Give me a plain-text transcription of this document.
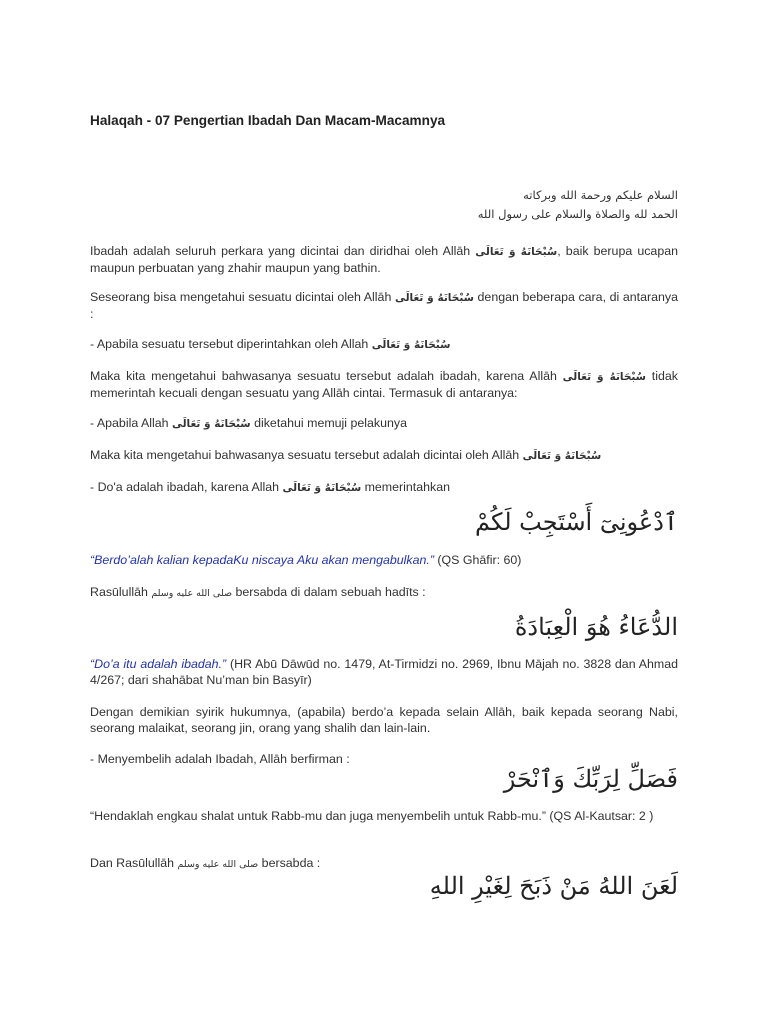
Halaqah - 07 Pengertian Ibadah Dan Macam-Macamnya
السلام عليكم ورحمة الله وبركاته
الحمد لله والصلاة والسلام على رسول الله

Ibadah adalah seluruh perkara yang dicintai dan diridhai oleh Allāh سُبْحَانَهُ وَ تَعَالَى, baik berupa ucapan maupun perbuatan yang zhahir maupun yang bathin.

Seseorang bisa mengetahui sesuatu dicintai oleh Allāh سُبْحَانَهُ وَ تَعَالَى dengan beberapa cara, di antaranya :

- Apabila sesuatu tersebut diperintahkan oleh Allah سُبْحَانَهُ وَ تَعَالَى

Maka kita mengetahui bahwasanya sesuatu tersebut adalah ibadah, karena Allāh سُبْحَانَهُ وَ تَعَالَى tidak memerintah kecuali dengan sesuatu yang Allāh cintai. Termasuk di antaranya:

- Apabila Allah سُبْحَانَهُ وَ تَعَالَى diketahui memuji pelakunya

Maka kita mengetahui bahwasanya sesuatu tersebut adalah dicintai oleh Allāh سُبْحَانَهُ وَ تَعَالَى

- Do'a adalah ibadah, karena Allah سُبْحَانَهُ وَ تَعَالَى memerintahkan

ٱدْعُونِىٓ أَسْتَجِبْ لَكُمْ

“Berdo’alah kalian kepadaKu niscaya Aku akan mengabulkan.” (QS Ghāfir: 60)

Rasūlullāh صلى الله عليه وسلم bersabda di dalam sebuah hadīts :

الدُّعَاءُ هُوَ الْعِبَادَةُ

“Do’a itu adalah ibadah.” (HR Abū Dāwūd no. 1479, At-Tirmidzi no. 2969, Ibnu Mājah no. 3828 dan Ahmad 4/267; dari shahābat Nu’man bin Basyīr)

Dengan demikian syirik hukumnya, (apabila) berdo’a kepada selain Allāh, baik kepada seorang Nabi, seorang malaikat, seorang jin, orang yang shalih dan lain-lain.

- Menyembelih adalah Ibadah, Allāh berfirman :

فَصَلِّ لِرَبِّكَ وَٱنْحَرْ

“Hendaklah engkau shalat untuk Rabb-mu dan juga menyembelih untuk Rabb-mu.” (QS Al-Kautsar: 2 )

Dan Rasūlullāh صلى الله عليه وسلم bersabda :

لَعَنَ اللهُ مَنْ ذَبَحَ لِغَيْرِ اللهِ
